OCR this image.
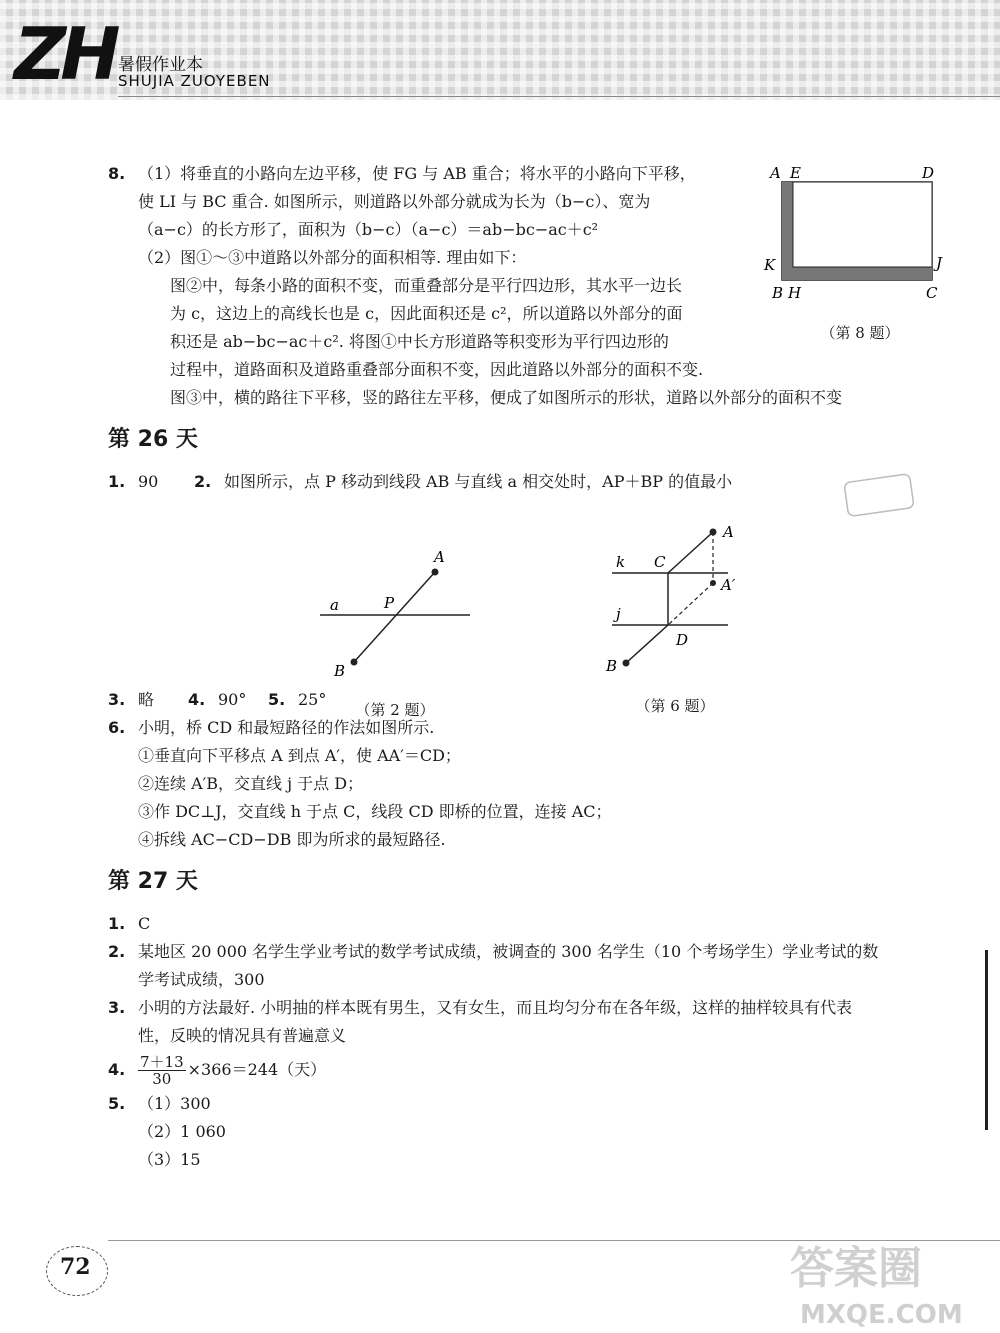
ZH 暑假作业本
SHUJIA ZUOYEBEN
8. （1）将垂直的小路向左边平移，使 FG 与 AB 重合；将水平的小路向下平移，
使 LI 与 BC 重合. 如图所示，则道路以外部分就成为长为（b−c）、宽为
（a−c）的长方形了，面积为（b−c）（a−c）＝ab−bc−ac＋c²
（2）图①～③中道路以外部分的面积相等. 理由如下：
图②中，每条小路的面积不变，而重叠部分是平行四边形，其水平一边长
为 c，这边上的高线长也是 c，因此面积还是 c²，所以道路以外部分的面
积还是 ab−bc−ac＋c². 将图①中长方形道路等积变形为平行四边形的
过程中，道路面积及道路重叠部分面积不变，因此道路以外部分的面积不变.
图③中，横的路往下平移，竖的路往左平移，便成了如图所示的形状，道路以外部分的面积不变
第 26 天
1. 90 2. 如图所示，点 P 移动到线段 AB 与直线 a 相交处时，AP＋BP 的值最小
3. 略 4. 90° 5. 25°
6. 小明，桥 CD 和最短路径的作法如图所示.
①垂直向下平移点 A 到点 A′，使 AA′＝CD；
②连续 A′B，交直线 j 于点 D；
③作 DC⊥J，交直线 h 于点 C，线段 CD 即桥的位置，连接 AC；
④拆线 AC−CD−DB 即为所求的最短路径.
第 27 天
1. C
2. 某地区 20 000 名学生学业考试的数学考试成绩，被调查的 300 名学生（10 个考场学生）学业考试的数
学考试成绩，300
3. 小明的方法最好. 小明抽的样本既有男生，又有女生，而且均匀分布在各年级，这样的抽样较具有代表
性，反映的情况具有普遍意义
4. $\frac{7+13}{30} \times 366=244$（天）
5. （1）300
（2）1 060
（3）15
A E	D
K	J
B H	C
（第 8 题）
A
a	P
B
（第 2 题）
A
k C
A′
j
D
B
（第 6 题）
72	答案圈
MXQE.COM
